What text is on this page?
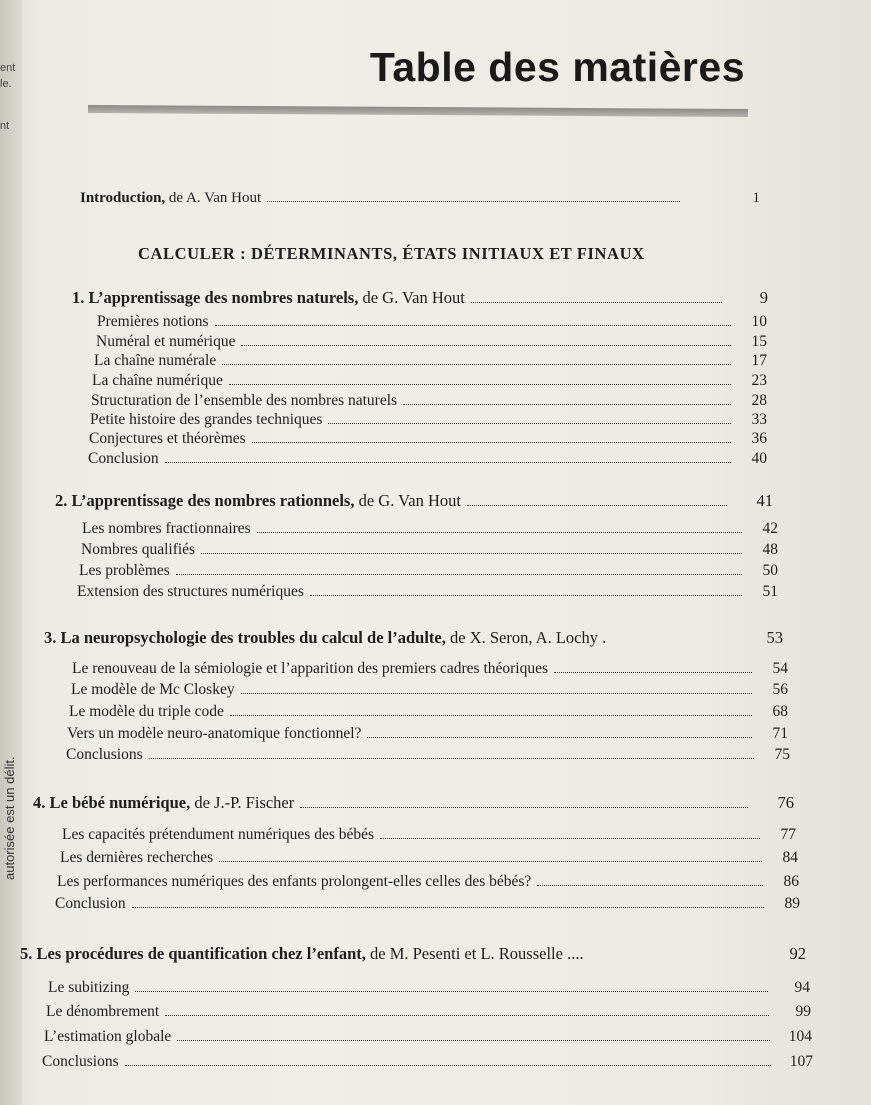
ent
le.
nt
autorisée est un délit.
Table des matières
Introduction, de A. Van Hout	1
CALCULER : DÉTERMINANTS, ÉTATS INITIAUX ET FINAUX
1. L’apprentissage des nombres naturels, de G. Van Hout	9
Premières notions	10
Numéral et numérique	15
La chaîne numérale	17
La chaîne numérique	23
Structuration de l’ensemble des nombres naturels	28
Petite histoire des grandes techniques	33
Conjectures et théorèmes	36
Conclusion	40
2. L’apprentissage des nombres rationnels, de G. Van Hout	41
Les nombres fractionnaires	42
Nombres qualifiés	48
Les problèmes	50
Extension des structures numériques	51
3. La neuropsychologie des troubles du calcul de l’adulte, de X. Seron, A. Lochy .	53
Le renouveau de la sémiologie et l’apparition des premiers cadres théoriques	54
Le modèle de Mc Closkey	56
Le modèle du triple code	68
Vers un modèle neuro-anatomique fonctionnel?	71
Conclusions	75
4. Le bébé numérique, de J.-P. Fischer	76
Les capacités prétendument numériques des bébés	77
Les dernières recherches	84
Les performances numériques des enfants prolongent-elles celles des bébés?	86
Conclusion	89
5. Les procédures de quantification chez l’enfant, de M. Pesenti et L. Rousselle ....	92
Le subitizing	94
Le dénombrement	99
L’estimation globale	104
Conclusions	107
